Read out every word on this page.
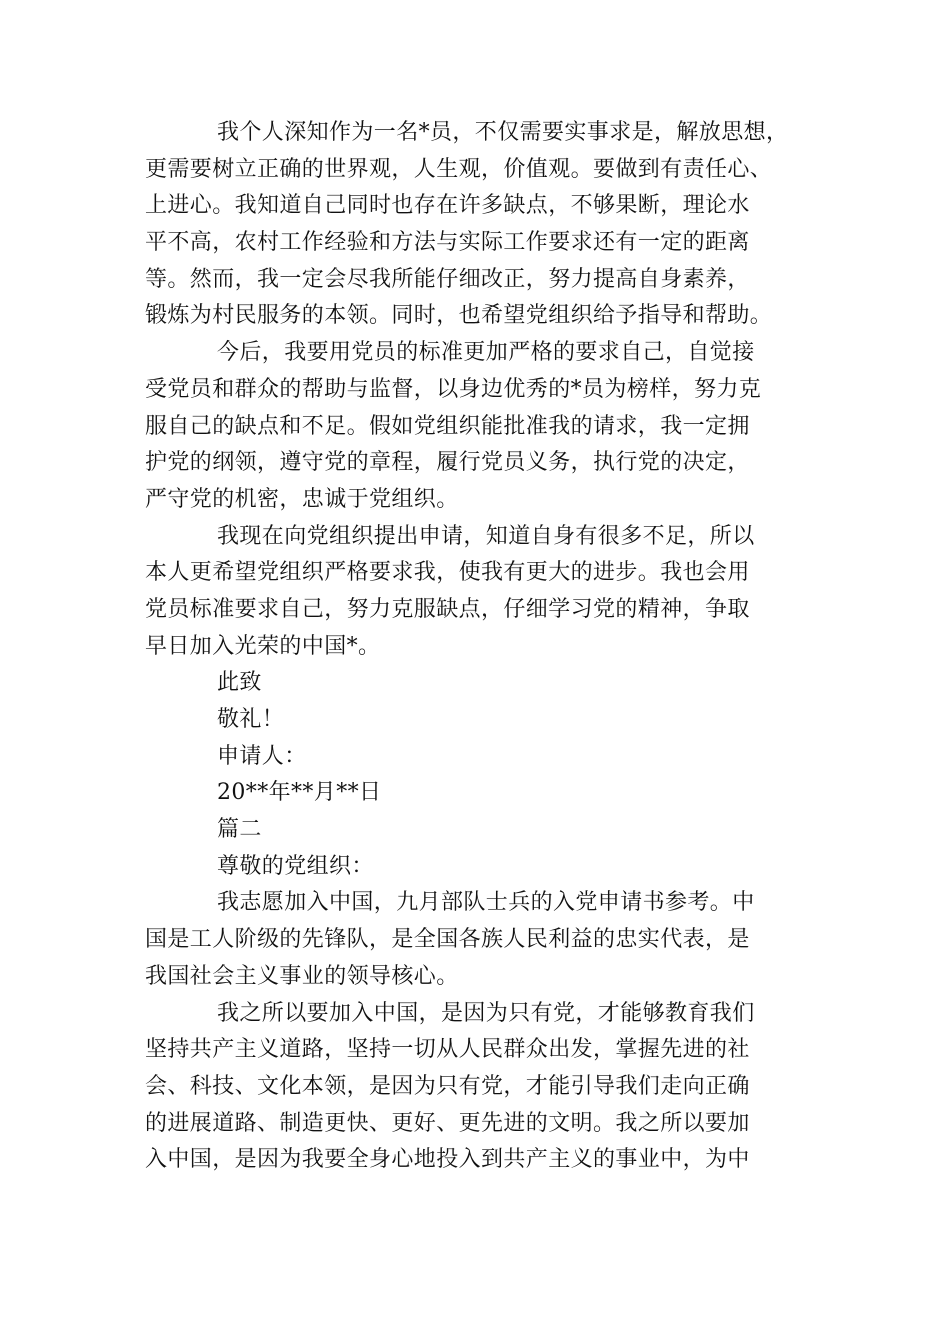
我个人深知作为一名*员，不仅需要实事求是，解放思想，
更需要树立正确的世界观，人生观，价值观。要做到有责任心、
上进心。我知道自己同时也存在许多缺点，不够果断，理论水
平不高，农村工作经验和方法与实际工作要求还有一定的距离
等。然而，我一定会尽我所能仔细改正，努力提高自身素养，
锻炼为村民服务的本领。同时，也希望党组织给予指导和帮助。
今后，我要用党员的标准更加严格的要求自己，自觉接
受党员和群众的帮助与监督，以身边优秀的*员为榜样，努力克
服自己的缺点和不足。假如党组织能批准我的请求，我一定拥
护党的纲领，遵守党的章程，履行党员义务，执行党的决定，
严守党的机密，忠诚于党组织。
我现在向党组织提出申请，知道自身有很多不足，所以
本人更希望党组织严格要求我，使我有更大的进步。我也会用
党员标准要求自己，努力克服缺点，仔细学习党的精神，争取
早日加入光荣的中国*。
此致
敬礼！
申请人：
20**年**月**日
篇二
尊敬的党组织：
我志愿加入中国，九月部队士兵的入党申请书参考。中
国是工人阶级的先锋队，是全国各族人民利益的忠实代表，是
我国社会主义事业的领导核心。
我之所以要加入中国，是因为只有党，才能够教育我们
坚持共产主义道路，坚持一切从人民群众出发，掌握先进的社
会、科技、文化本领，是因为只有党，才能引导我们走向正确
的进展道路、制造更快、更好、更先进的文明。我之所以要加
入中国，是因为我要全身心地投入到共产主义的事业中，为中
